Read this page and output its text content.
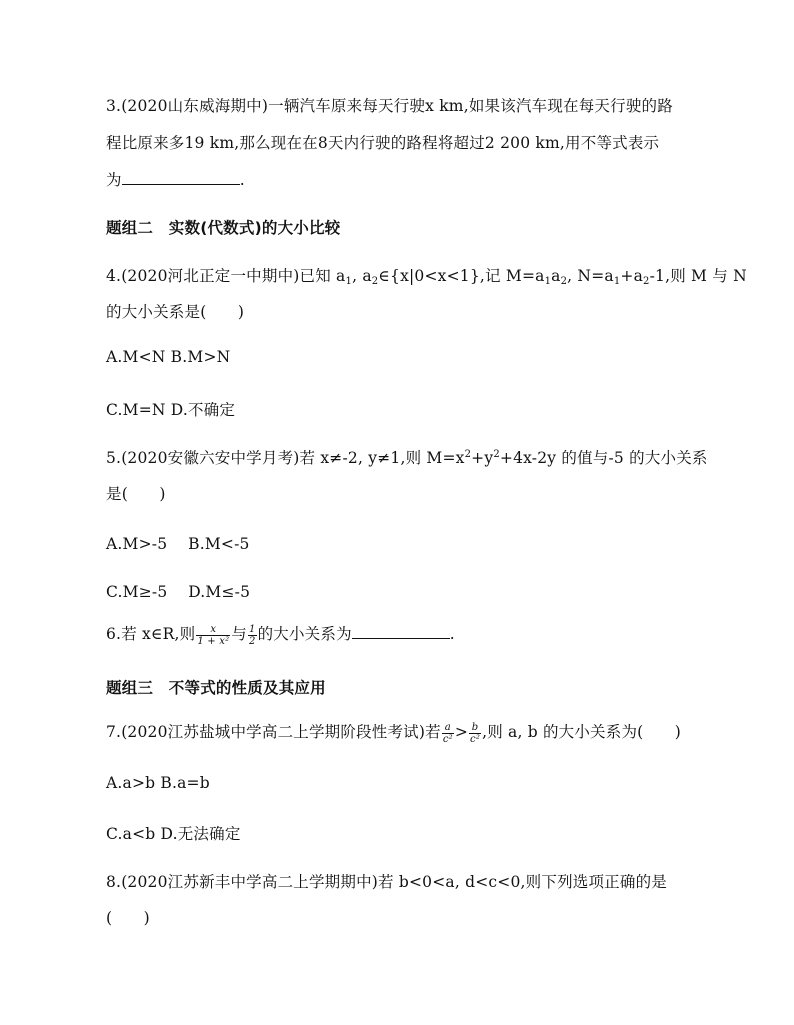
3.(2020山东威海期中)一辆汽车原来每天行驶x km,如果该汽车现在每天行驶的路
程比原来多19 km,那么现在在8天内行驶的路程将超过2 200 km,用不等式表示
为	.
题组二　实数(代数式)的大小比较
4.(2020河北正定一中期中)已知 $a_1$, $a_2\in\{x|0<x<1\}$,记 $M=a_1a_2$, $N=a_1+a_2-1$,则 M 与 N
的大小关系是(　　)
A.M<N B.M>N
C.M=N D.不确定
5.(2020安徽六安中学月考)若 x≠-2, y≠1,则 $M=x^2+y^2+4x-2y$ 的值与-5 的大小关系
是(　　)
A.M>-5　 B.M<-5
C.M≥-5　 D.M≤-5
6.若 x∈R,则 $\frac{x}{\text{1 + x²}}$ 与 $\frac{1}{2}$ 的大小关系为	.
题组三　不等式的性质及其应用
7.(2020江苏盐城中学高二上学期阶段性考试)若 $\frac{a}{\text{c²}} > \frac{b}{\text{c²}}$ ,则 a, b 的大小关系为(　　)
A.a>b B.a=b
C.a<b D.无法确定
8.(2020江苏新丰中学高二上学期期中)若 b<0<a, d<c<0,则下列选项正确的是
(　　)
